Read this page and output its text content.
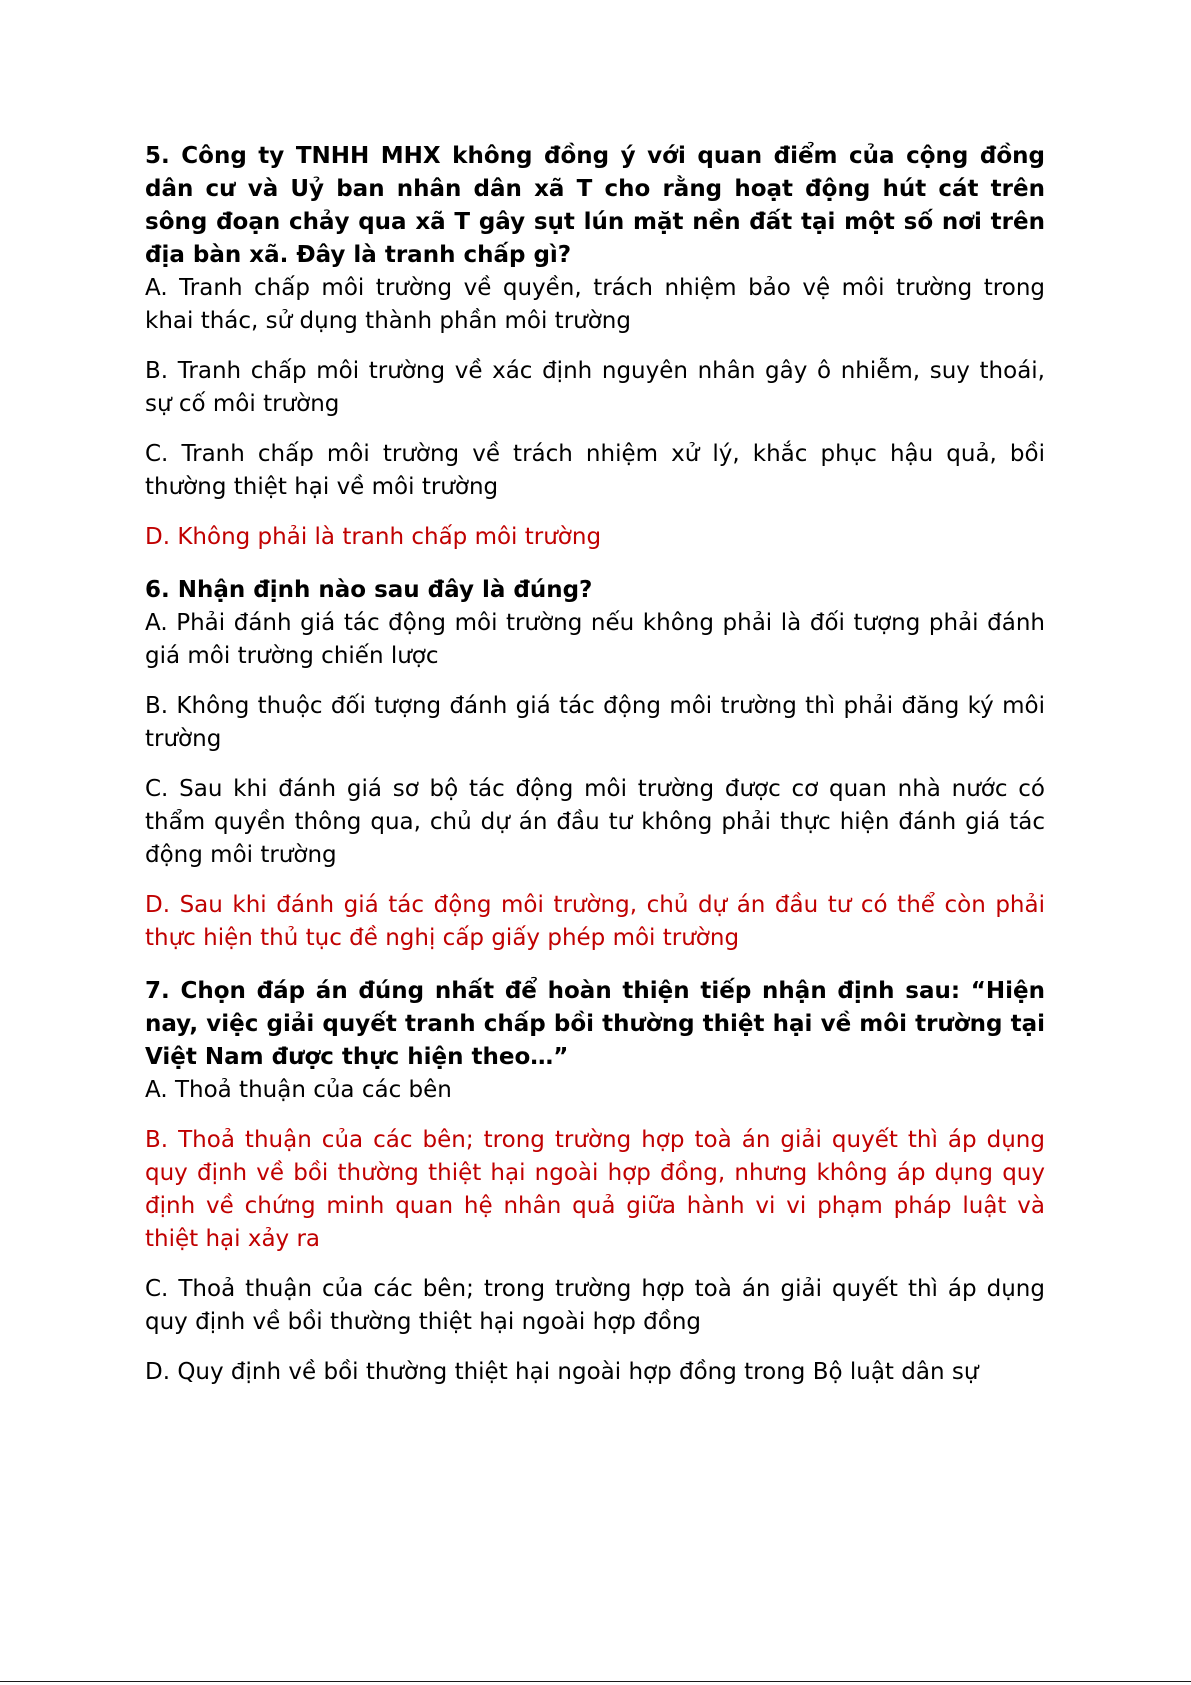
5. Công ty TNHH MHX không đồng ý với quan điểm của cộng đồng dân cư và Uỷ ban nhân dân xã T cho rằng hoạt động hút cát trên sông đoạn chảy qua xã T gây sụt lún mặt nền đất tại một số nơi trên địa bàn xã. Đây là tranh chấp gì?

A. Tranh chấp môi trường về quyền, trách nhiệm bảo vệ môi trường trong khai thác, sử dụng thành phần môi trường

B. Tranh chấp môi trường về xác định nguyên nhân gây ô nhiễm, suy thoái, sự cố môi trường

C. Tranh chấp môi trường về trách nhiệm xử lý, khắc phục hậu quả, bồi thường thiệt hại về môi trường

D. Không phải là tranh chấp môi trường

6. Nhận định nào sau đây là đúng?

A. Phải đánh giá tác động môi trường nếu không phải là đối tượng phải đánh giá môi trường chiến lược

B. Không thuộc đối tượng đánh giá tác động môi trường thì phải đăng ký môi trường

C. Sau khi đánh giá sơ bộ tác động môi trường được cơ quan nhà nước có thẩm quyền thông qua, chủ dự án đầu tư không phải thực hiện đánh giá tác động môi trường

D. Sau khi đánh giá tác động môi trường, chủ dự án đầu tư có thể còn phải thực hiện thủ tục đề nghị cấp giấy phép môi trường

7. Chọn đáp án đúng nhất để hoàn thiện tiếp nhận định sau: “Hiện nay, việc giải quyết tranh chấp bồi thường thiệt hại về môi trường tại Việt Nam được thực hiện theo…”

A. Thoả thuận của các bên

B. Thoả thuận của các bên; trong trường hợp toà án giải quyết thì áp dụng quy định về bồi thường thiệt hại ngoài hợp đồng, nhưng không áp dụng quy định về chứng minh quan hệ nhân quả giữa hành vi vi phạm pháp luật và thiệt hại xảy ra

C. Thoả thuận của các bên; trong trường hợp toà án giải quyết thì áp dụng quy định về bồi thường thiệt hại ngoài hợp đồng

D. Quy định về bồi thường thiệt hại ngoài hợp đồng trong Bộ luật dân sự
